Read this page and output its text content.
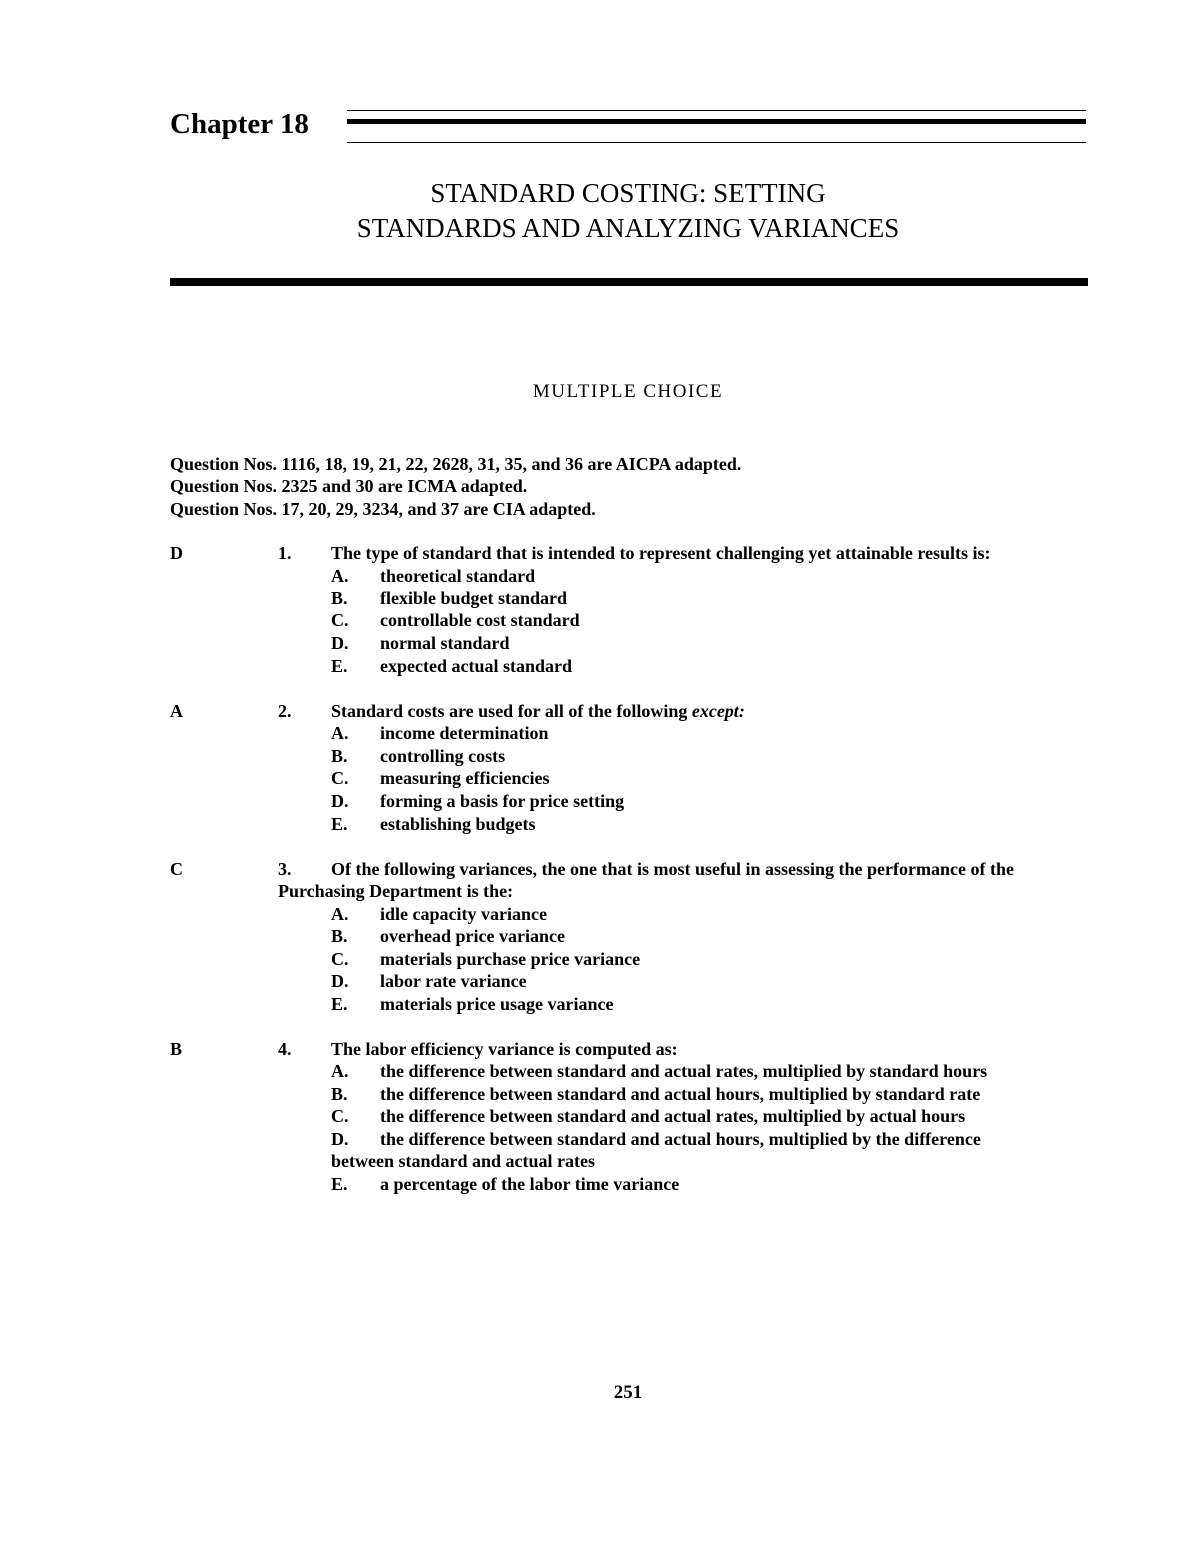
Chapter 18
STANDARD COSTING: SETTING
STANDARDS AND ANALYZING VARIANCES
MULTIPLE CHOICE
Question Nos. 1116, 18, 19, 21, 22, 2628, 31, 35, and 36 are AICPA adapted.
Question Nos. 2325 and 30 are ICMA adapted.
Question Nos. 17, 20, 29, 3234, and 37 are CIA adapted.
D	1. The type of standard that is intended to represent challenging yet attainable results is:
A. theoretical standard
B. flexible budget standard
C. controllable cost standard
D. normal standard
E. expected actual standard
A	2. Standard costs are used for all of the following except:
A. income determination
B. controlling costs
C. measuring efficiencies
D. forming a basis for price setting
E. establishing budgets
C	3. Of the following variances, the one that is most useful in assessing the performance of the
Purchasing Department is the:
A. idle capacity variance
B. overhead price variance
C. materials purchase price variance
D. labor rate variance
E. materials price usage variance
B	4. The labor efficiency variance is computed as:
A. the difference between standard and actual rates, multiplied by standard hours
B. the difference between standard and actual hours, multiplied by standard rate
C. the difference between standard and actual rates, multiplied by actual hours
D. the difference between standard and actual hours, multiplied by the difference
between standard and actual rates
E. a percentage of the labor time variance
251
